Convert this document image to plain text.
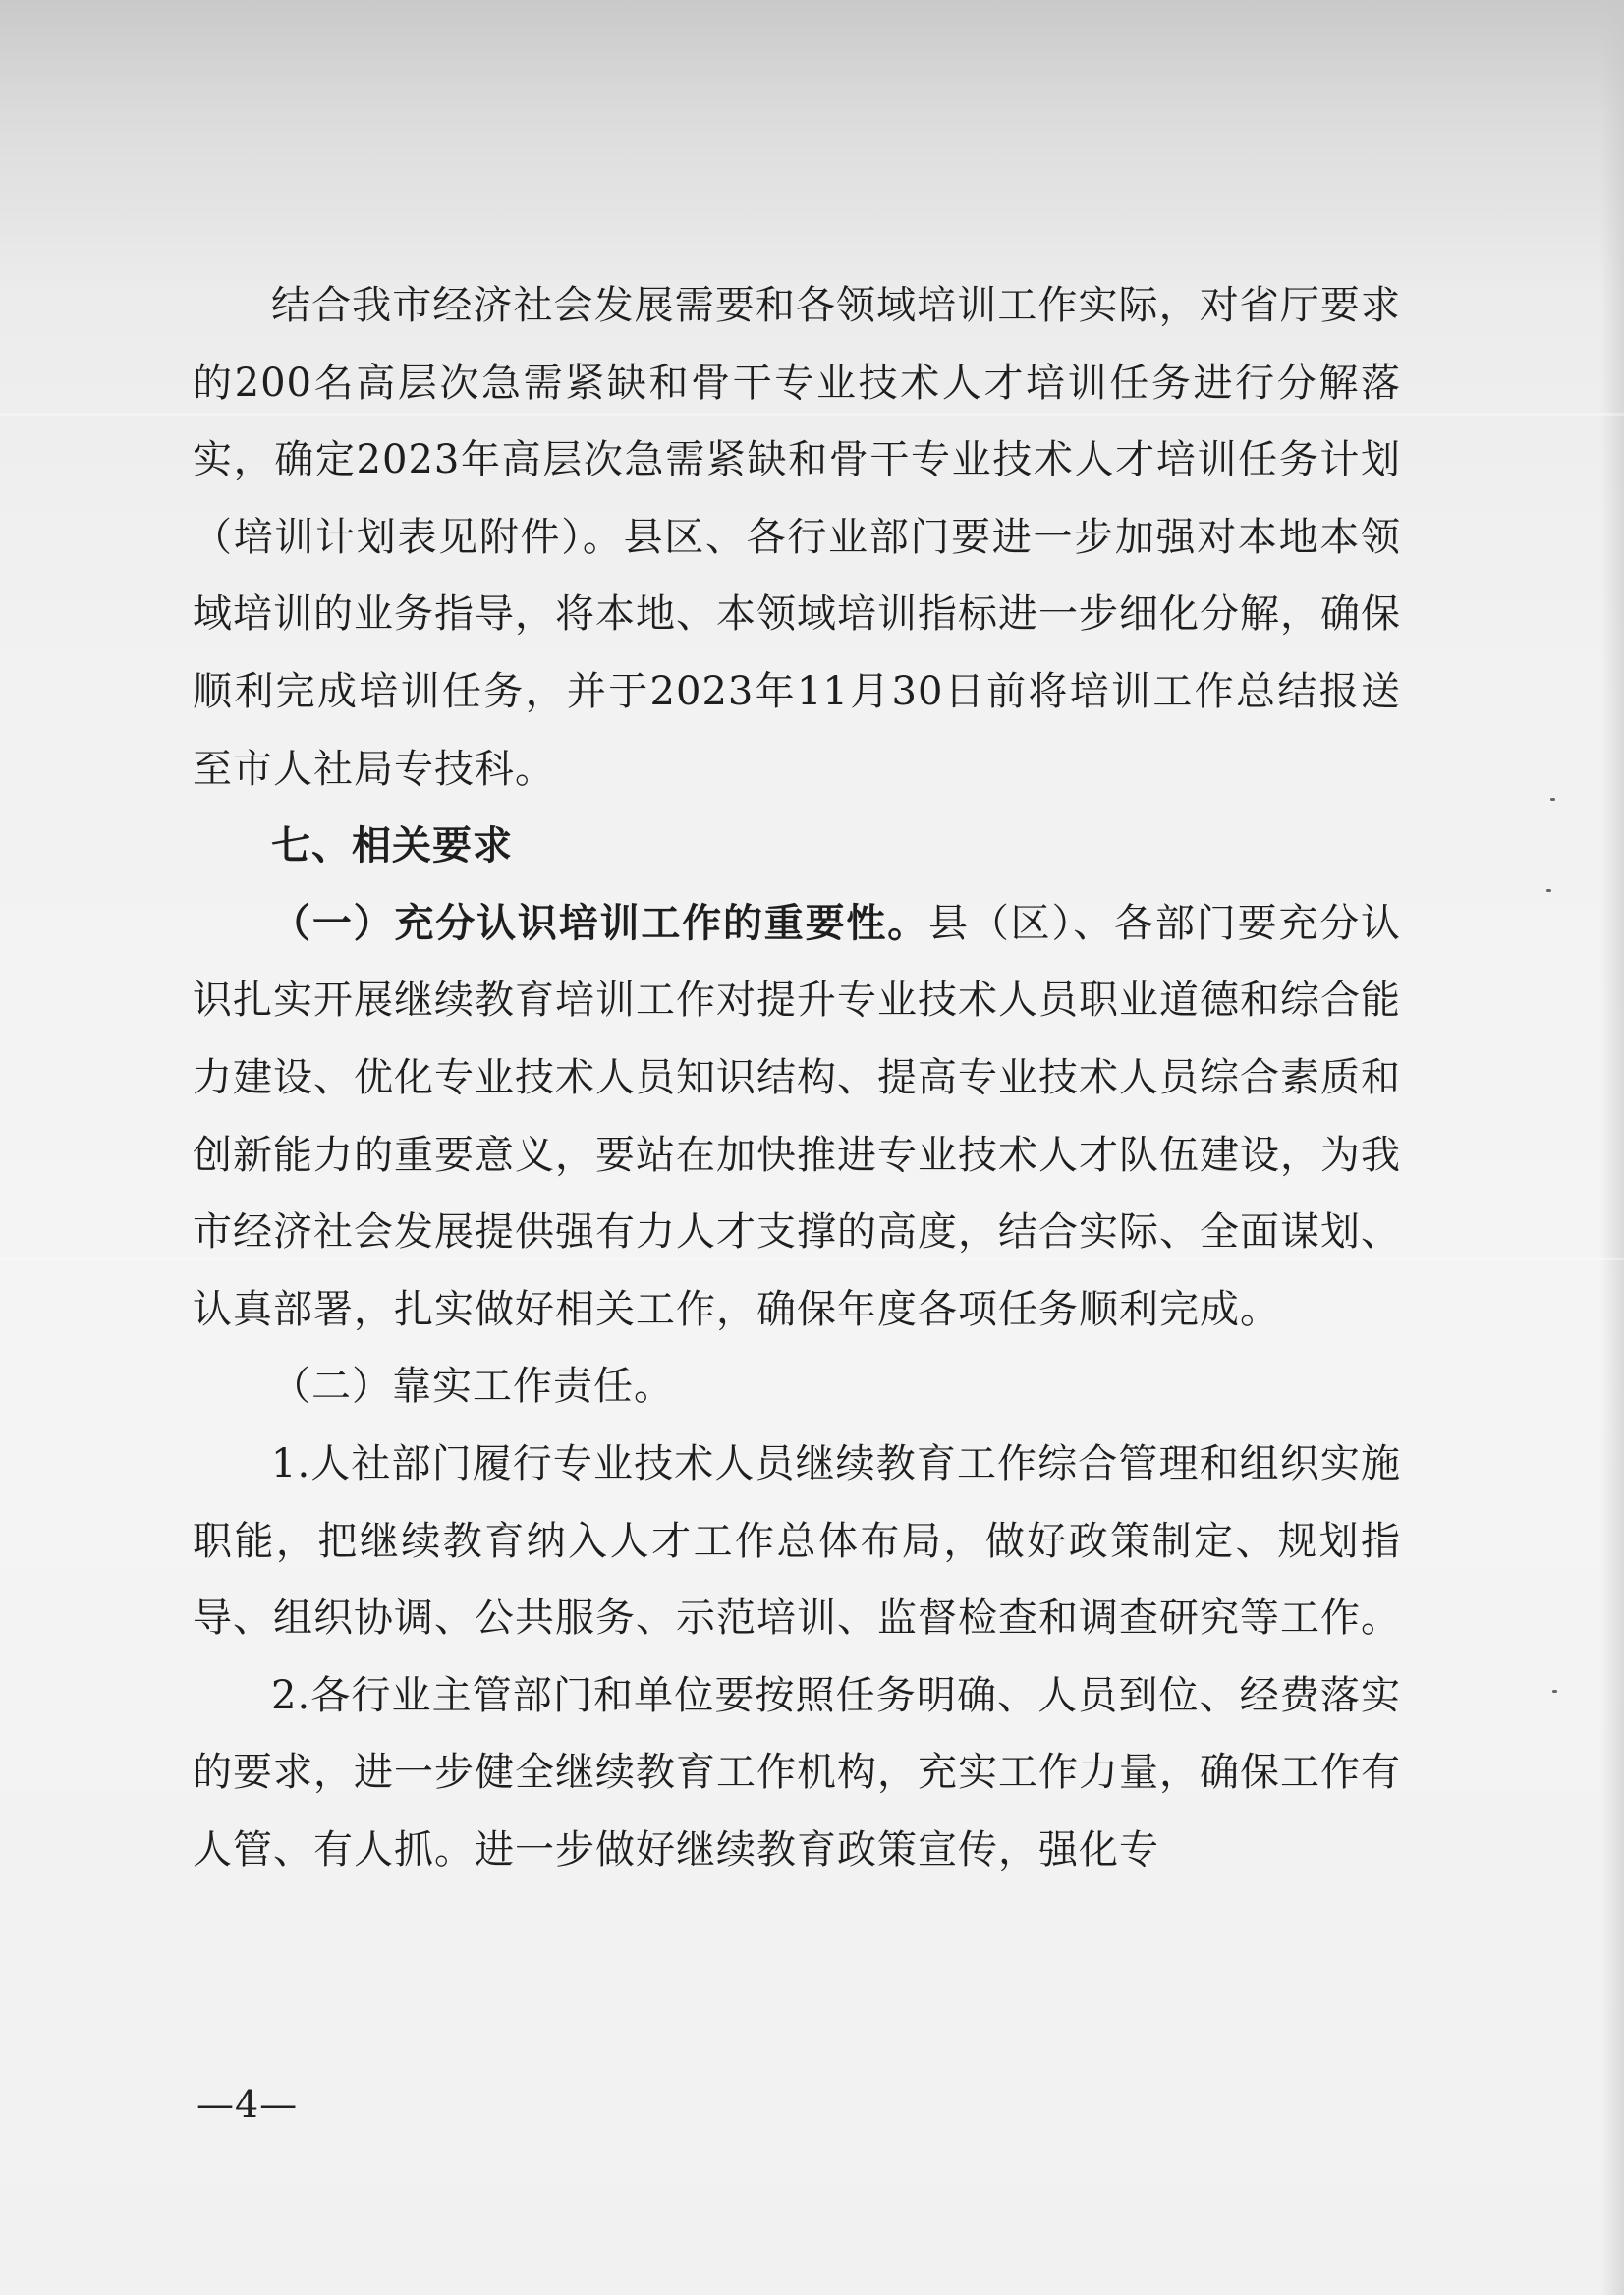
结合我市经济社会发展需要和各领域培训工作实际，对省厅要求的200名高层次急需紧缺和骨干专业技术人才培训任务进行分解落实，确定2023年高层次急需紧缺和骨干专业技术人才培训任务计划（培训计划表见附件）。县区、各行业部门要进一步加强对本地本领域培训的业务指导，将本地、本领域培训指标进一步细化分解，确保顺利完成培训任务，并于2023年11月30日前将培训工作总结报送至市人社局专技科。

七、相关要求

（一）充分认识培训工作的重要性。县（区）、各部门要充分认识扎实开展继续教育培训工作对提升专业技术人员职业道德和综合能力建设、优化专业技术人员知识结构、提高专业技术人员综合素质和创新能力的重要意义，要站在加快推进专业技术人才队伍建设，为我市经济社会发展提供强有力人才支撑的高度，结合实际、全面谋划、认真部署，扎实做好相关工作，确保年度各项任务顺利完成。

（二）靠实工作责任。

1.人社部门履行专业技术人员继续教育工作综合管理和组织实施职能，把继续教育纳入人才工作总体布局，做好政策制定、规划指导、组织协调、公共服务、示范培训、监督检查和调查研究等工作。

2.各行业主管部门和单位要按照任务明确、人员到位、经费落实的要求，进一步健全继续教育工作机构，充实工作力量，确保工作有人管、有人抓。进一步做好继续教育政策宣传，强化专

—4—
